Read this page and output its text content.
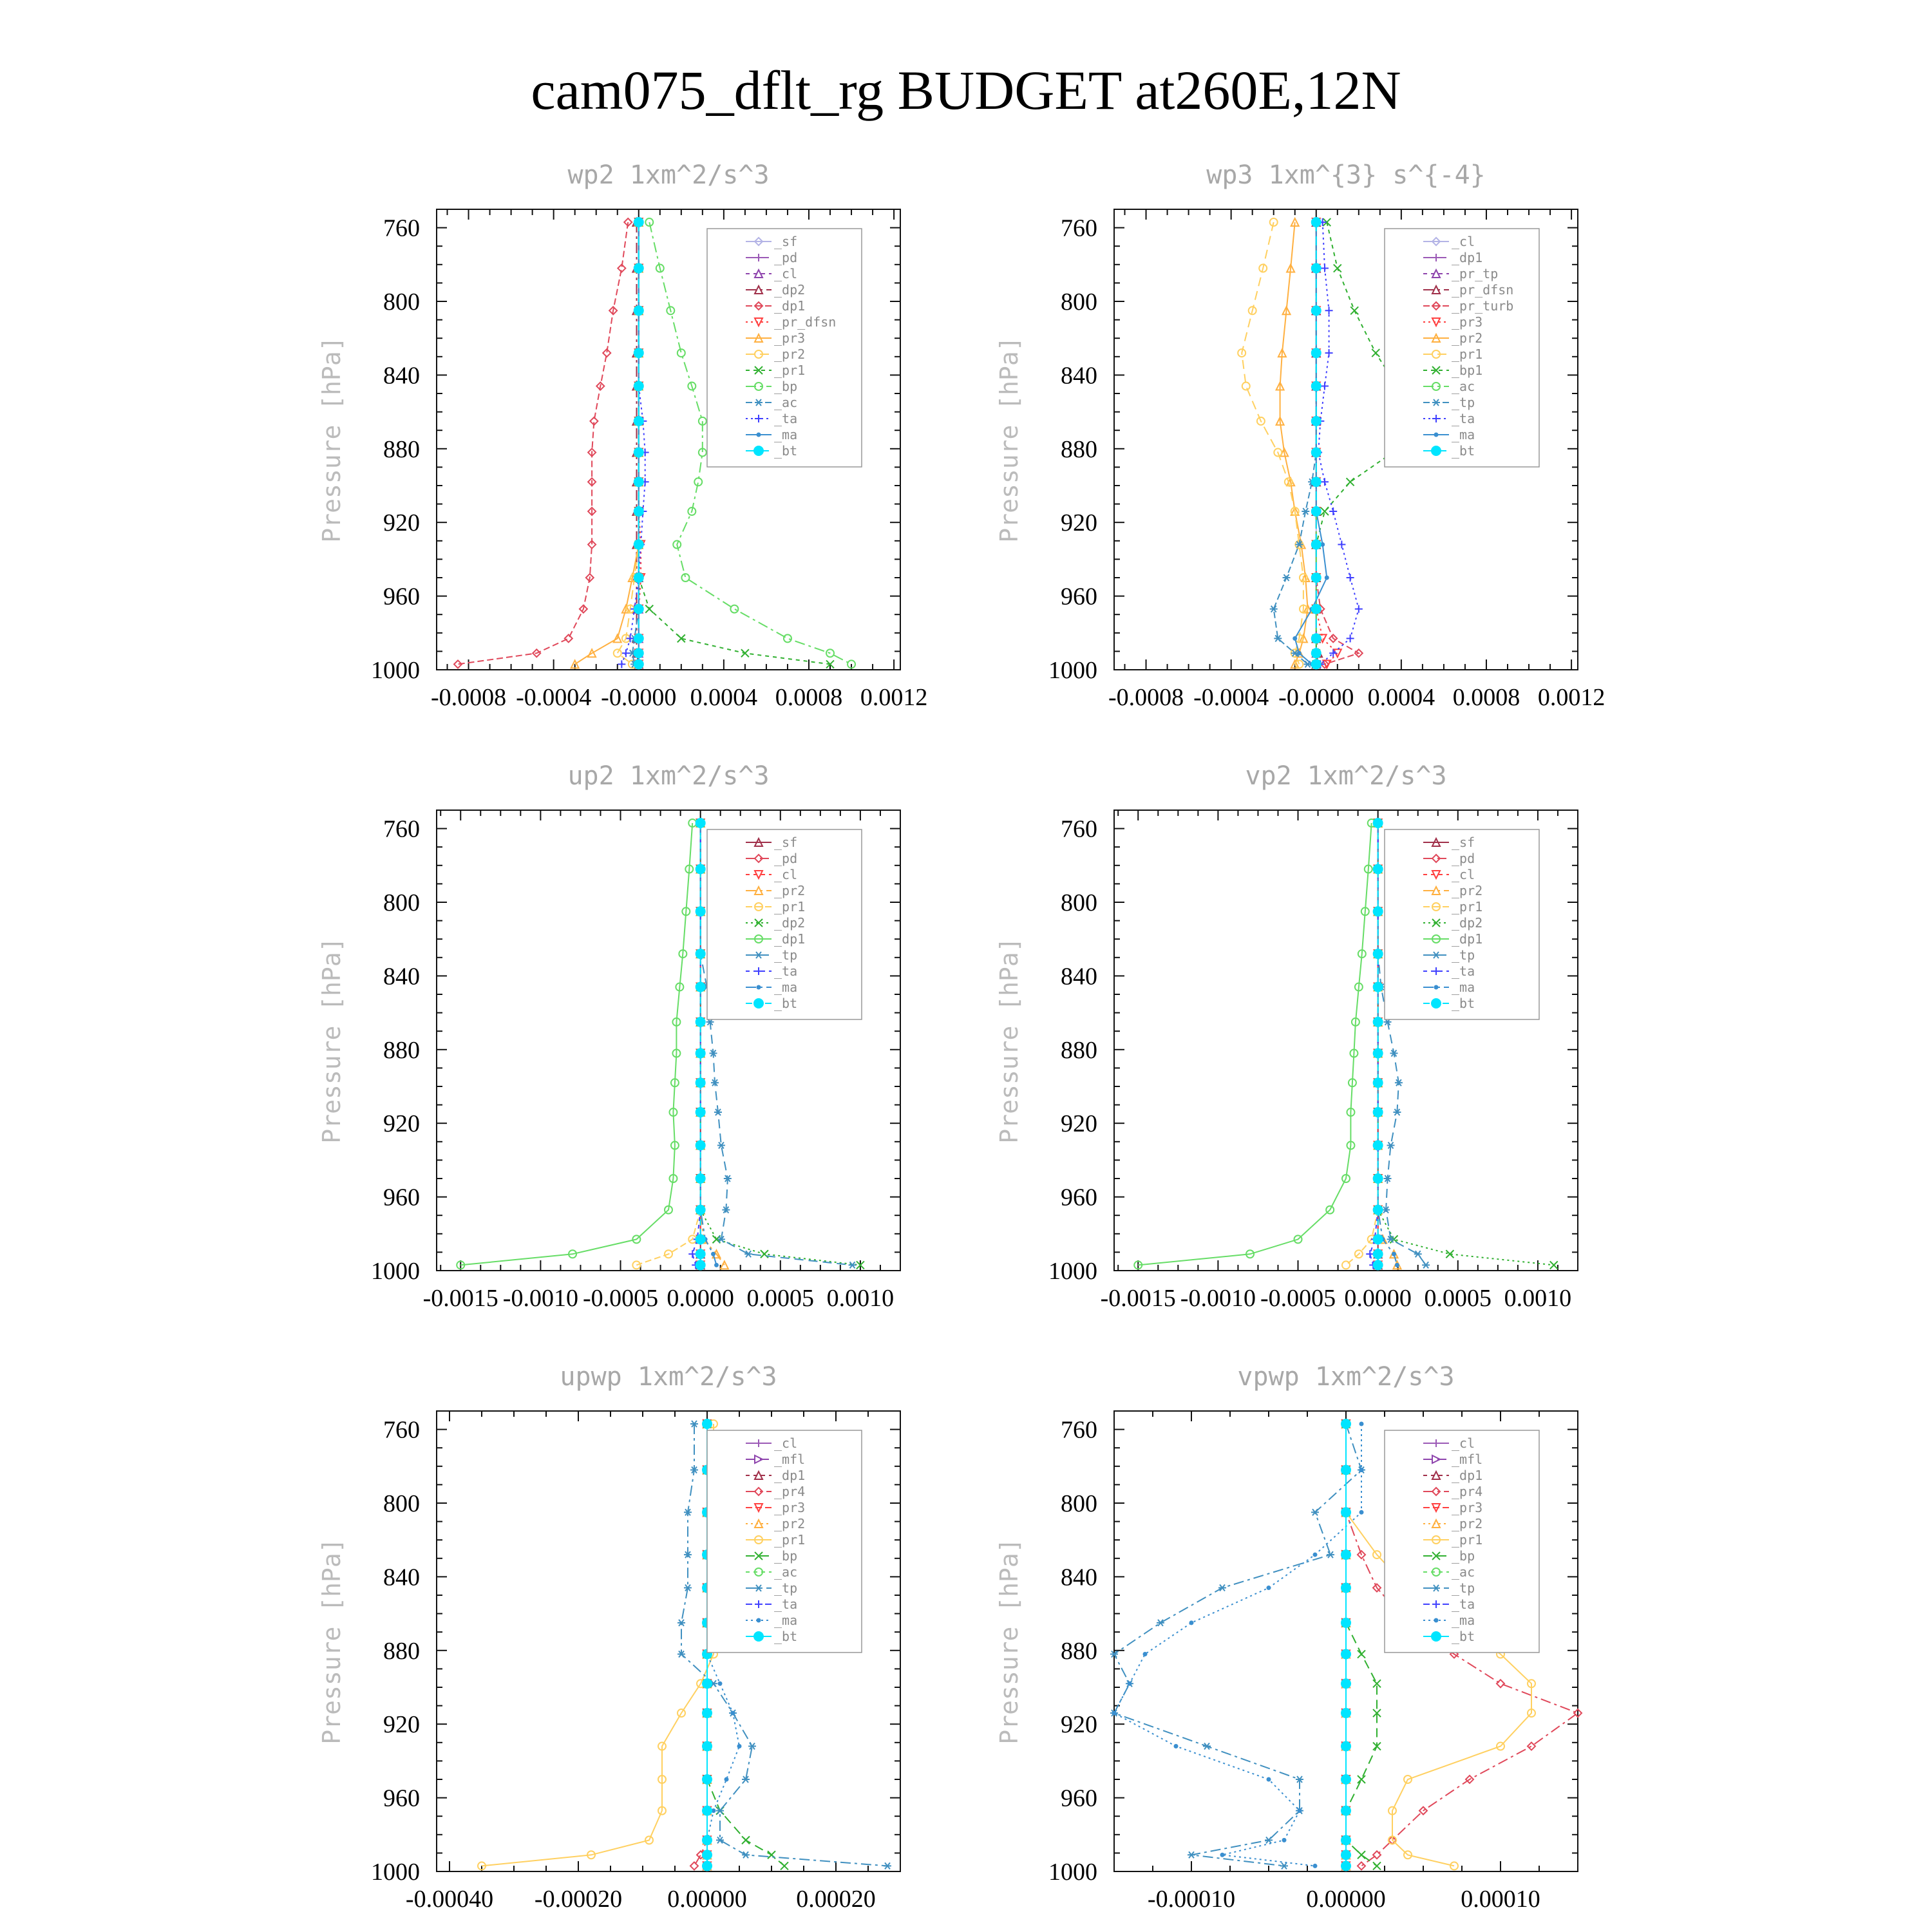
cam075_dflt_rg BUDGET at260E,12N
760
800
840
880
920
960
1000
-0.0008 -0.0004 -0.0000 0.0004 0.0008 0.0012
wp2 1xm^2/s^3
Pressure [hPa]
_sf
_pd
_cl
_dp2
_dp1
_pr_dfsn
_pr3
_pr2
_pr1
_bp
_ac
_ta
_ma
_bt
760
800
840
880
920
960
1000
-0.0008 -0.0004 -0.0000 0.0004 0.0008 0.0012
wp3 1xm^{3} s^{-4}
Pressure [hPa]
_cl
_dp1
_pr_tp
_pr_dfsn
_pr_turb
_pr3
_pr2
_pr1
_bp1
_ac
_tp
_ta
_ma
_bt
760
800
840
880
920
960
1000
-0.0015 -0.0010 -0.0005 0.0000 0.0005 0.0010
up2 1xm^2/s^3
Pressure [hPa]
_sf
_pd
_cl
_pr2
_pr1
_dp2
_dp1
_tp
_ta
_ma
_bt
760
800
840
880
920
960
1000
-0.0015 -0.0010 -0.0005 0.0000 0.0005 0.0010
vp2 1xm^2/s^3
Pressure [hPa]
_sf
_pd
_cl
_pr2
_pr1
_dp2
_dp1
_tp
_ta
_ma
_bt
760
800
840
880
920
960
1000
-0.00040 -0.00020 0.00000 0.00020
upwp 1xm^2/s^3
Pressure [hPa]
_cl
_mfl
_dp1
_pr4
_pr3
_pr2
_pr1
_bp
_ac
_tp
_ta
_ma
_bt
760
800
840
880
920
960
1000
-0.00010	0.00000	0.00010
vpwp 1xm^2/s^3
Pressure [hPa]
_cl
_mfl
_dp1
_pr4
_pr3
_pr2
_pr1
_bp
_ac
_tp
_ta
_ma
_bt
